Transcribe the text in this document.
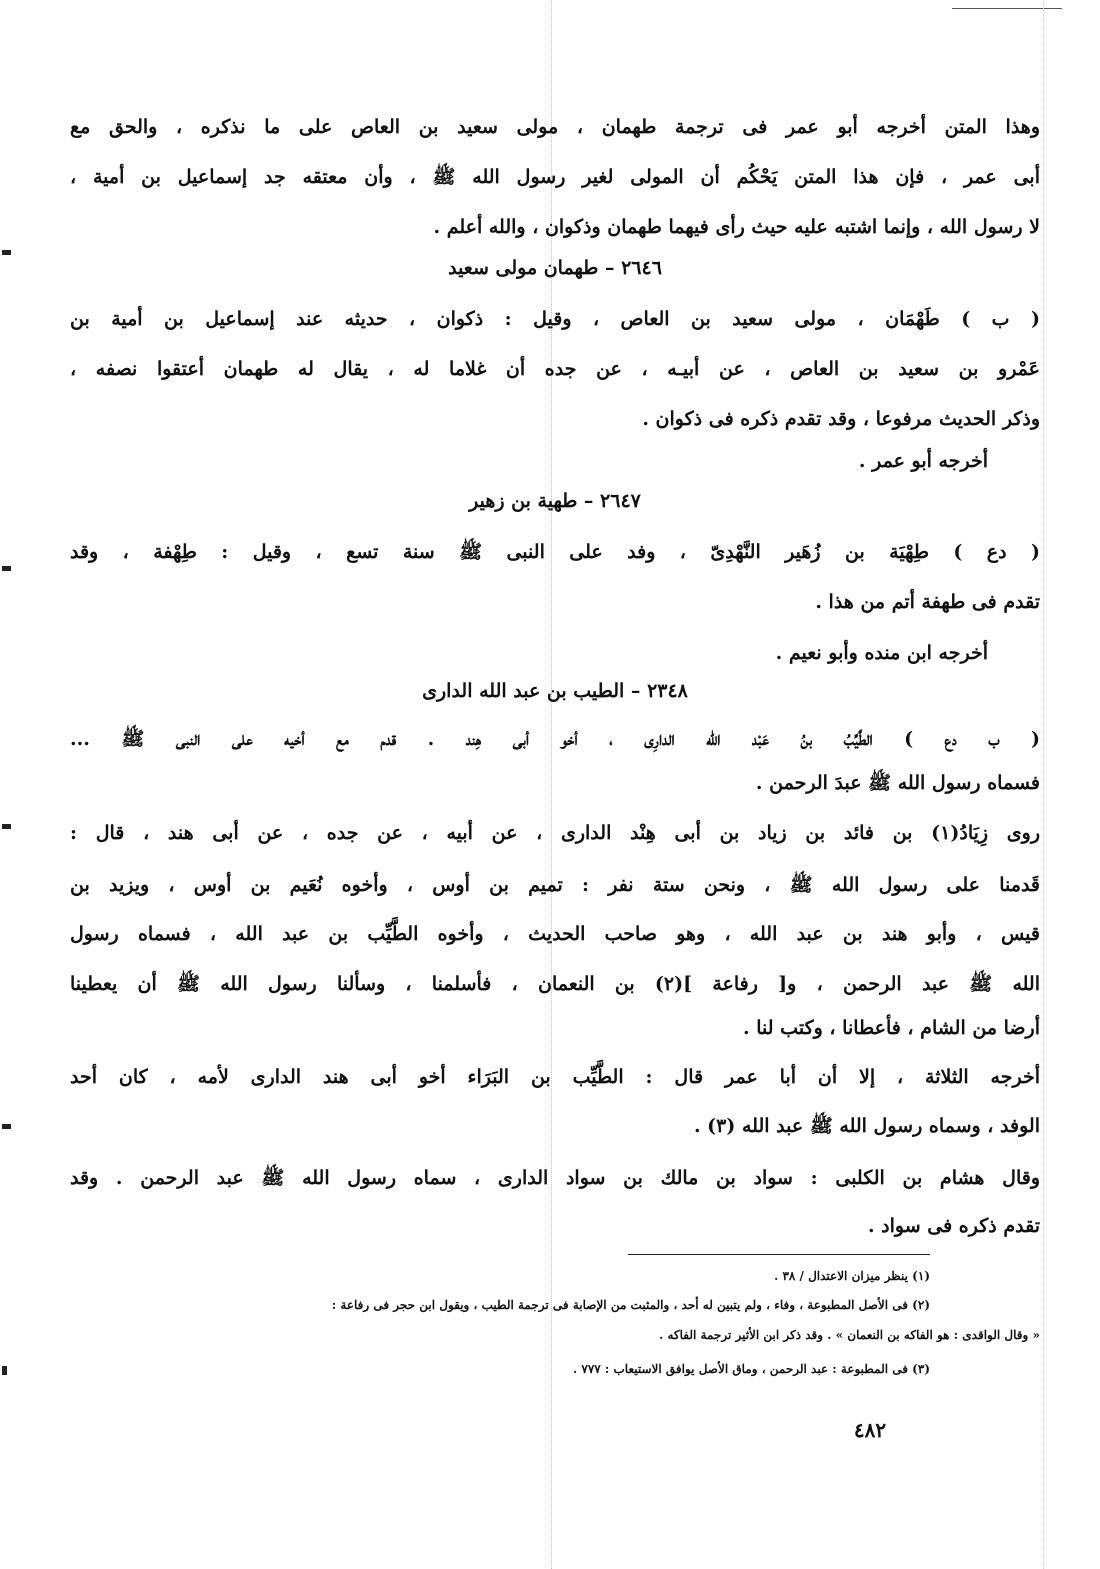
وهذا المتن أخرجه أبو عمر فى ترجمة طهمان ، مولى سعيد بن العاص على ما نذكره ، والحق مع
أبى عمر ، فإن هذا المتن يَحْكُم أن المولى لغير رسول الله ﷺ ، وأن معتقه جد إسماعيل بن أمية ،
لا رسول الله ، وإنما اشتبه عليه حيث رأى فيهما طهمان وذكوان ، والله أعلم .
٢٦٤٦ – طهمان مولى سعيد
( ب ) طَهْمَان ، مولى سعيد بن العاص ، وقيل : ذكوان ، حديثه عند إسماعيل بن أمية بن
عَمْرو بن سعيد بن العاص ، عن أبيـه ، عن جده أن غلاما له ، يقال له طهمان أعتقوا نصفه ،
وذكر الحديث مرفوعا ، وقد تقدم ذكره فى ذكوان .
أخرجه أبو عمر .
٢٦٤٧ – طهية بن زهير
( دع ) طِهْيَة بن زُهَير النَّهْدِىّ ، وفد على النبى ﷺ سنة تسع ، وقيل : طِهْفة ، وقد
تقدم فى طهفة أتم من هذا .
أخرجه ابن منده وأبو نعيم .
٢٣٤٨ – الطيب بن عبد الله الدارى
( ب دع ) الطَّيِّبُ بنُ عَبْد الله الدارِى ، أخو أبى هِند . قدم مع أخيه على النبى ﷺ ...
فسماه رسول الله ﷺ عبدَ الرحمن .
روى زِيَادُ(١) بن فائد بن زياد بن أبى هِنْد الدارى ، عن أبيه ، عن جده ، عن أبى هند ، قال :
قَدمنا على رسول الله ﷺ ، ونحن ستة نفر : تميم بن أوس ، وأخوه نُعَيم بن أوس ، ويزيد بن
قيس ، وأبو هند بن عبد الله ، وهو صاحب الحديث ، وأخوه الطَّيِّب بن عبد الله ، فسماه رسول
الله ﷺ عبد الرحمن ، و[ رفاعة ](٢) بن النعمان ، فأسلمنا ، وسألنا رسول الله ﷺ أن يعطينا
أرضا من الشام ، فأعطانا ، وكتب لنا .
أخرجه الثلاثة ، إلا أن أبا عمر قال : الطَّيِّب بن البَرَاء أخو أبى هند الدارى لأمه ، كان أحد
الوفد ، وسماه رسول الله ﷺ عبد الله (٣) .
وقال هشام بن الكلبى : سواد بن مالك بن سواد الدارى ، سماه رسول الله ﷺ عبد الرحمن . وقد
تقدم ذكره فى سواد .
(١) ينظر ميزان الاعتدال / ٣٨ .
(٢) فى الأصل المطبوعة ، وفاء ، ولم يتبين له أحد ، والمثبت من الإصابة فى ترجمة الطيب ، ويقول ابن حجر فى رفاعة :
« وقال الواقدى : هو الفاكه بن النعمان » . وقد ذكر ابن الأثير ترجمة الفاكه .
(٣) فى المطبوعة : عبد الرحمن ، وماق الأصل يوافق الاستيعاب : ٧٧٧ .
٤٨٢
